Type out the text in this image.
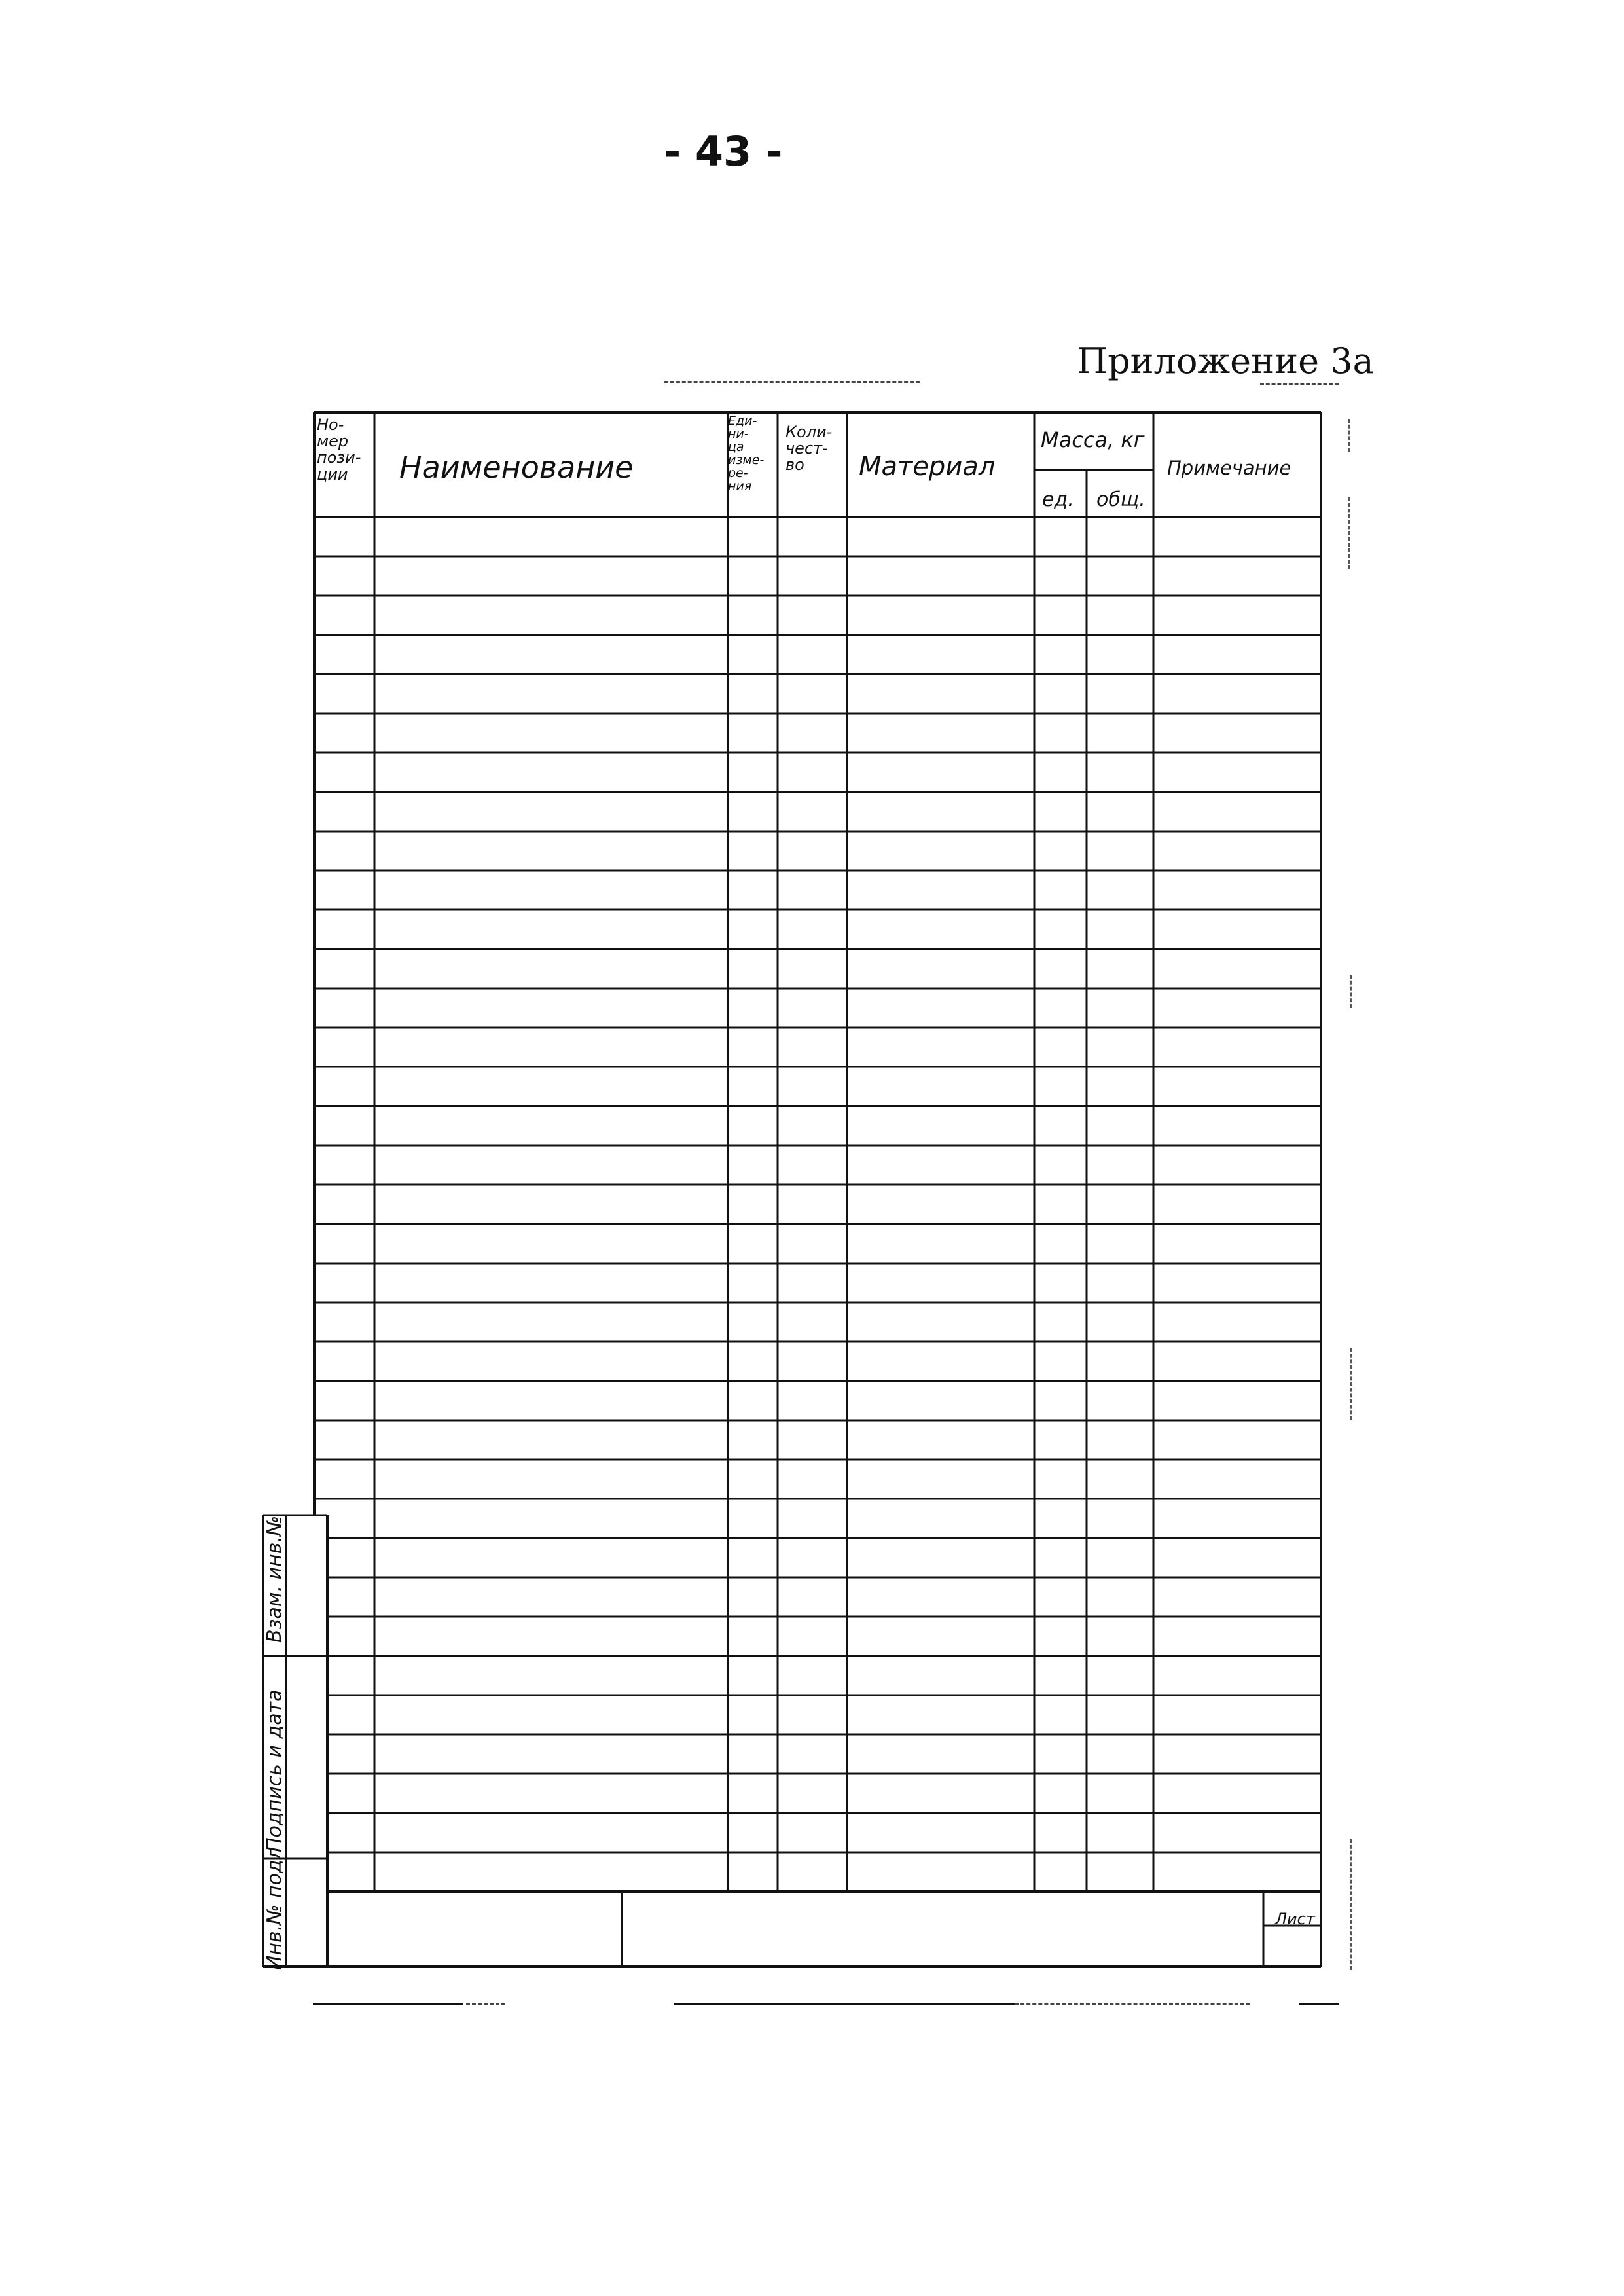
- 43 -
Приложение 3а
Но-
мер
пози-
ции	Наименование
Еди-
ни-
ца
изме-
ре-
ния
Коли-
чест-
во	Материал
Масса, кг
ед. общ.
Примечание
Инв.№ подл
Подпись и дата
Взам. инв.№
Лист
